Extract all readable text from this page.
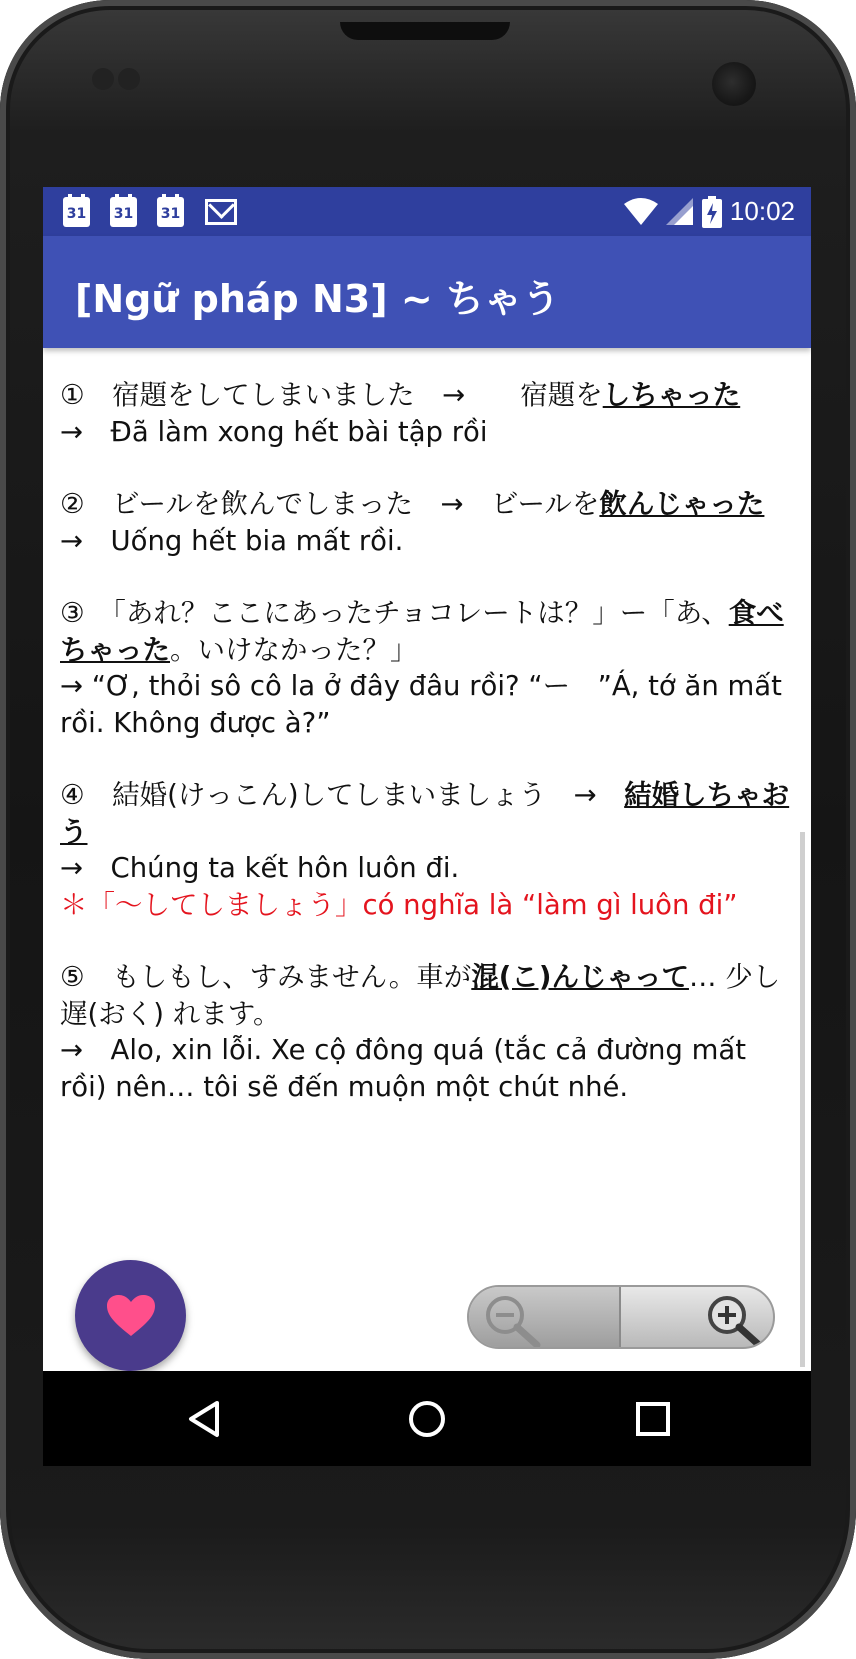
31 31 31	10:02
[Ngữ pháp N3] ~ ちゃう
①　宿題をしてしまいました　→　　宿題をしちゃった
→　Đã làm xong hết bài tập rồi
②　ビールを飲んでしまった　→　ビールを飲んじゃった
→　Uống hết bia mất rồi.
③　「あれ？ここにあったチョコレートは？」ー「あ、食べちゃった。いけなかった？」
→ “Ơ, thỏi sô cô la ở đây đâu rồi? “ー　”Á, tớ ăn mất rồi. Không được à?”
④　結婚(けっこん)してしまいましょう　→　結婚しちゃおう
→　Chúng ta kết hôn luôn đi.
＊「～してしましょう」có nghĩa là “làm gì luôn đi”
⑤　もしもし、すみません。車が混(こ)んじゃって… 少し遅(おく) れます。
→　Alo, xin lỗi. Xe cộ đông quá (tắc cả đường mất rồi) nên… tôi sẽ đến muộn một chút nhé.
